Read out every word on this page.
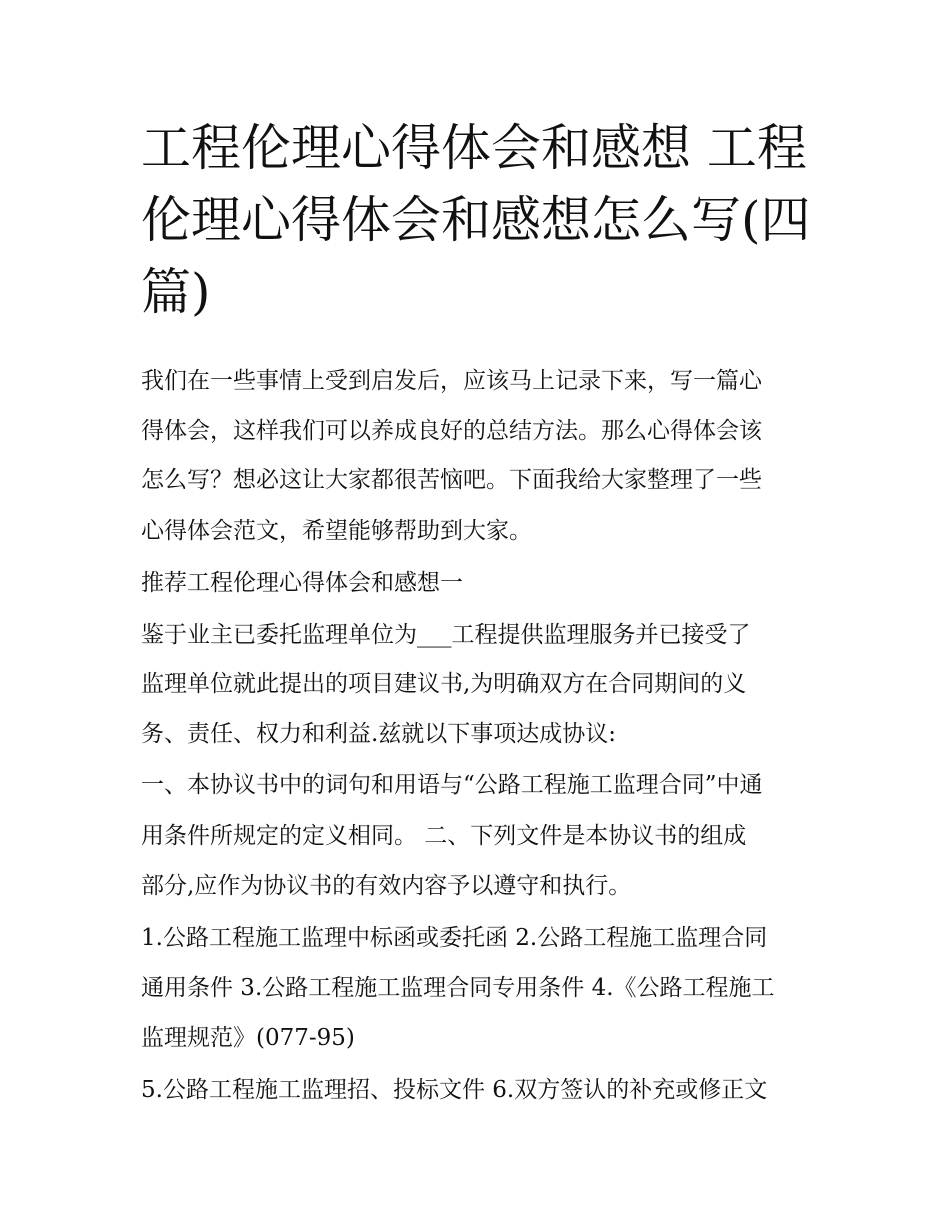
工程伦理心得体会和感想 工程
伦理心得体会和感想怎么写(四
篇)
我们在一些事情上受到启发后，应该马上记录下来，写一篇心
得体会，这样我们可以养成良好的总结方法。那么心得体会该
怎么写？想必这让大家都很苦恼吧。下面我给大家整理了一些
心得体会范文，希望能够帮助到大家。
推荐工程伦理心得体会和感想一
鉴于业主已委托监理单位为___工程提供监理服务并已接受了
监理单位就此提出的项目建议书,为明确双方在合同期间的义
务、责任、权力和利益.兹就以下事项达成协议:
一、本协议书中的词句和用语与“公路工程施工监理合同”中通
用条件所规定的定义相同。 二、下列文件是本协议书的组成
部分,应作为协议书的有效内容予以遵守和执行。
1.公路工程施工监理中标函或委托函 2.公路工程施工监理合同
通用条件 3.公路工程施工监理合同专用条件 4.《公路工程施工
监理规范》(077-95)
5.公路工程施工监理招、投标文件 6.双方签认的补充或修正文
